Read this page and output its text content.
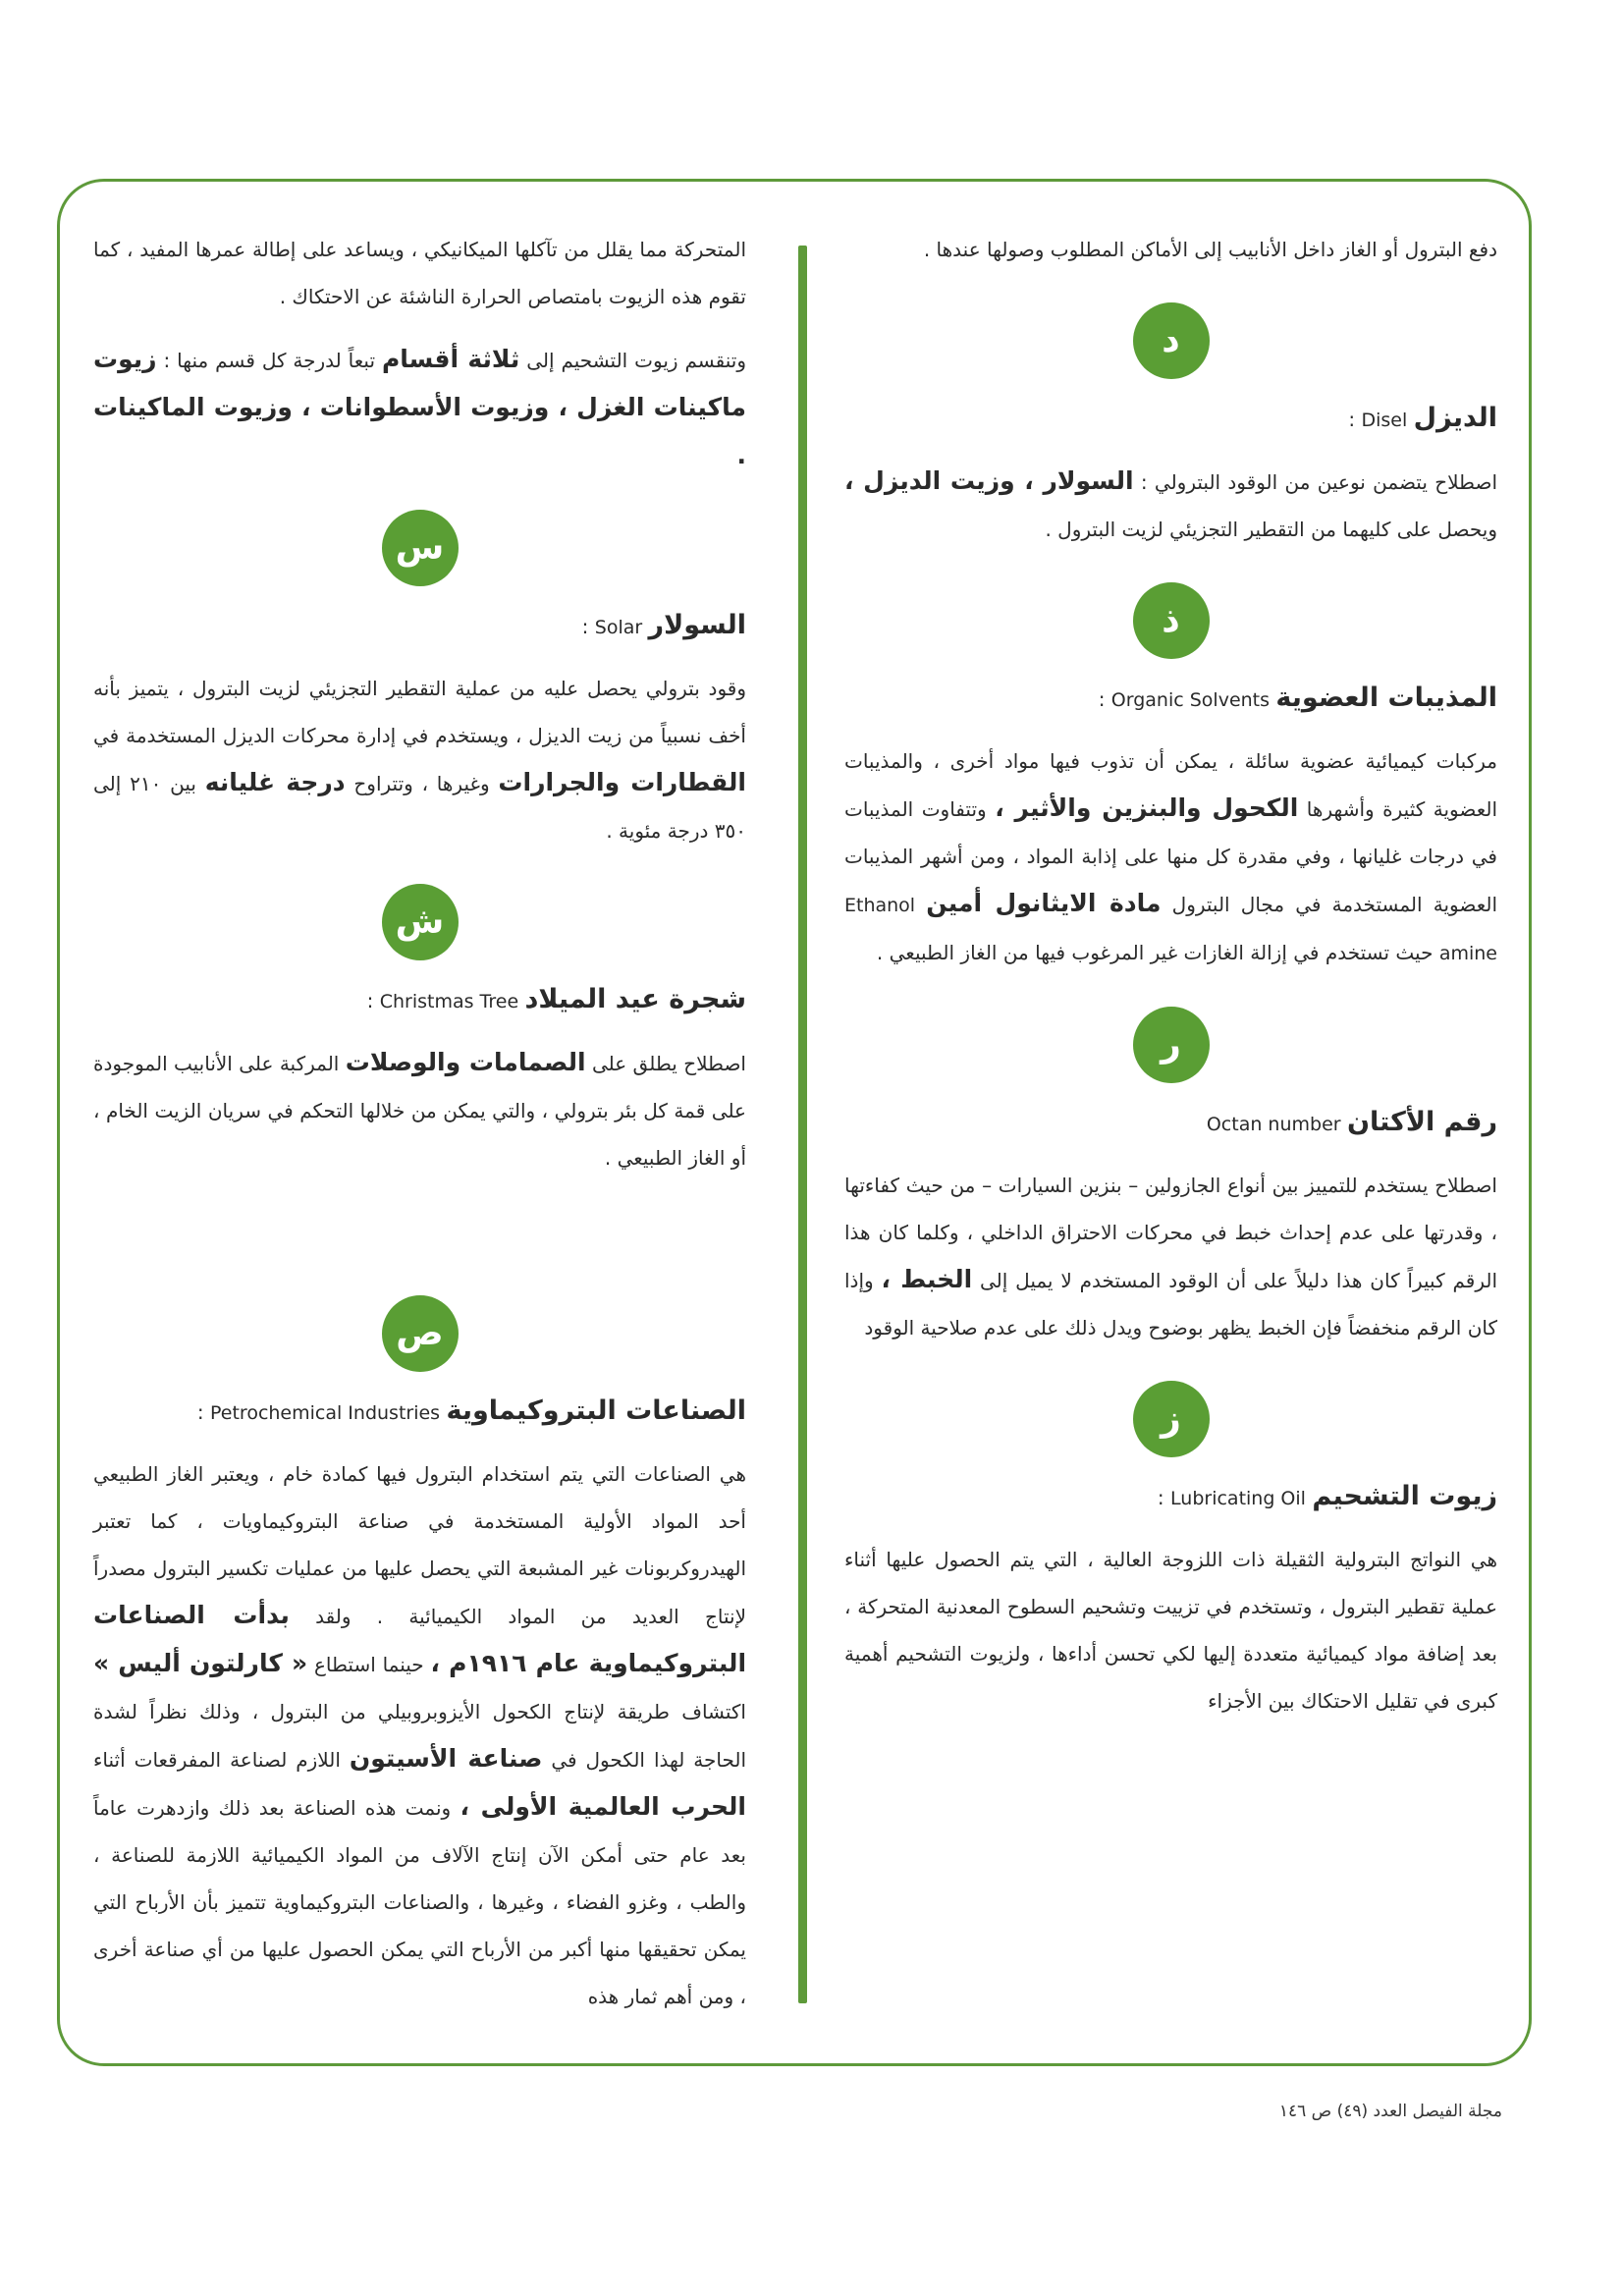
دفع البترول أو الغاز داخل الأنابيب إلى الأماكن المطلوب وصولها عندها .

د

الديزل Disel :

اصطلاح يتضمن نوعين من الوقود البترولي : السولار ، وزيت الديزل ، ويحصل على كليهما من التقطير التجزيئي لزيت البترول .

ذ

المذيبات العضوية Organic Solvents :

مركبات كيميائية عضوية سائلة ، يمكن أن تذوب فيها مواد أخرى ، والمذيبات العضوية كثيرة وأشهرها الكحول والبنزين والأثير ، وتتفاوت المذيبات في درجات غليانها ، وفي مقدرة كل منها على إذابة المواد ، ومن أشهر المذيبات العضوية المستخدمة في مجال البترول مادة الايثانول أمين Ethanol amine حيث تستخدم في إزالة الغازات غير المرغوب فيها من الغاز الطبيعي .

ر

رقم الأكتان Octan number

اصطلاح يستخدم للتمييز بين أنواع الجازولين – بنزين السيارات – من حيث كفاءتها ، وقدرتها على عدم إحداث خبط في محركات الاحتراق الداخلي ، وكلما كان هذا الرقم كبيراً كان هذا دليلاً على أن الوقود المستخدم لا يميل إلى الخبط ، وإذا كان الرقم منخفضاً فإن الخبط يظهر بوضوح ويدل ذلك على عدم صلاحية الوقود

ز

زيوت التشحيم Lubricating Oil :

هي النواتج البترولية الثقيلة ذات اللزوجة العالية ، التي يتم الحصول عليها أثناء عملية تقطير البترول ، وتستخدم في تزييت وتشحيم السطوح المعدنية المتحركة ، بعد إضافة مواد كيميائية متعددة إليها لكي تحسن أداءها ، ولزيوت التشحيم أهمية كبرى في تقليل الاحتكاك بين الأجزاء

المتحركة مما يقلل من تآكلها الميكانيكي ، ويساعد على إطالة عمرها المفيد ، كما تقوم هذه الزيوت بامتصاص الحرارة الناشئة عن الاحتكاك .

وتنقسم زيوت التشحيم إلى ثلاثة أقسام تبعاً لدرجة كل قسم منها : زيوت ماكينات الغزل ، وزيوت الأسطوانات ، وزيوت الماكينات .

س

السولار Solar :

وقود بترولي يحصل عليه من عملية التقطير التجزيئي لزيت البترول ، يتميز بأنه أخف نسبياً من زيت الديزل ، ويستخدم في إدارة محركات الديزل المستخدمة في القطارات والجرارات وغيرها ، وتتراوح درجة غليانه بين ٢١٠ إلى ٣٥٠ درجة مئوية .

ش

شجرة عيد الميلاد Christmas Tree :

اصطلاح يطلق على الصمامات والوصلات المركبة على الأنابيب الموجودة على قمة كل بئر بترولي ، والتي يمكن من خلالها التحكم في سريان الزيت الخام ، أو الغاز الطبيعي .

ص

الصناعات البتروكيماوية Petrochemical Industries :

هي الصناعات التي يتم استخدام البترول فيها كمادة خام ، ويعتبر الغاز الطبيعي أحد المواد الأولية المستخدمة في صناعة البتروكيماويات ، كما تعتبر الهيدروكربونات غير المشبعة التي يحصل عليها من عمليات تكسير البترول مصدراً لإنتاج العديد من المواد الكيميائية . ولقد بدأت الصناعات البتروكيماوية عام ١٩١٦م ، حينما استطاع « كارلتون أليس » اكتشاف طريقة لإنتاج الكحول الأيزوبروبيلي من البترول ، وذلك نظراً لشدة الحاجة لهذا الكحول في صناعة الأسيتون اللازم لصناعة المفرقعات أثناء الحرب العالمية الأولى ، ونمت هذه الصناعة بعد ذلك وازدهرت عاماً بعد عام حتى أمكن الآن إنتاج الآلاف من المواد الكيميائية اللازمة للصناعة ، والطب ، وغزو الفضاء ، وغيرها ، والصناعات البتروكيماوية تتميز بأن الأرباح التي يمكن تحقيقها منها أكبر من الأرباح التي يمكن الحصول عليها من أي صناعة أخرى ، ومن أهم ثمار هذه

مجلة الفيصل العدد (٤٩) ص ١٤٦
